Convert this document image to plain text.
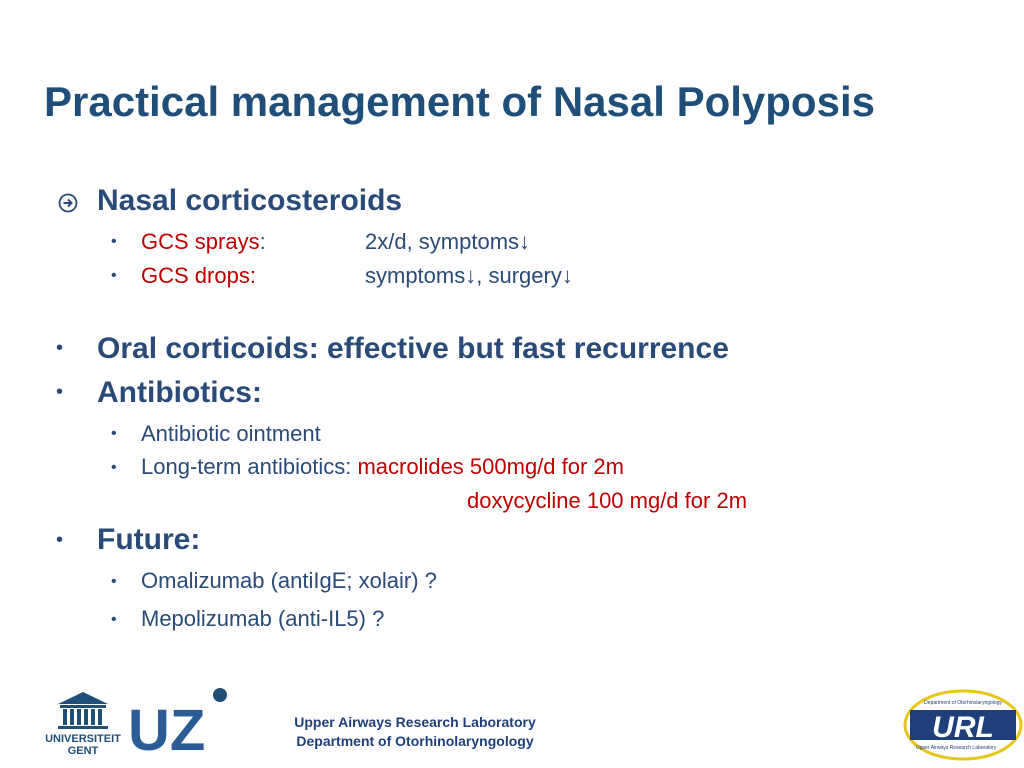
Practical management of Nasal Polyposis
Nasal corticosteroids
• GCS sprays:	2x/d, symptoms↓
• GCS drops:	symptoms↓, surgery↓
• Oral corticoids: effective but fast recurrence
• Antibiotics:
• Antibiotic ointment
• Long-term antibiotics: macrolides 500mg/d for 2m
doxycycline 100 mg/d for 2m
• Future:
• Omalizumab (antiIgE; xolair) ?
• Mepolizumab (anti-IL5) ?
UNIVERSITEIT
GENT UZ	Upper Airways Research Laboratory
Department of Otorhinolaryngology	URL
Department of Otorhinolaryngology
Upper Airways Research Laboratory
